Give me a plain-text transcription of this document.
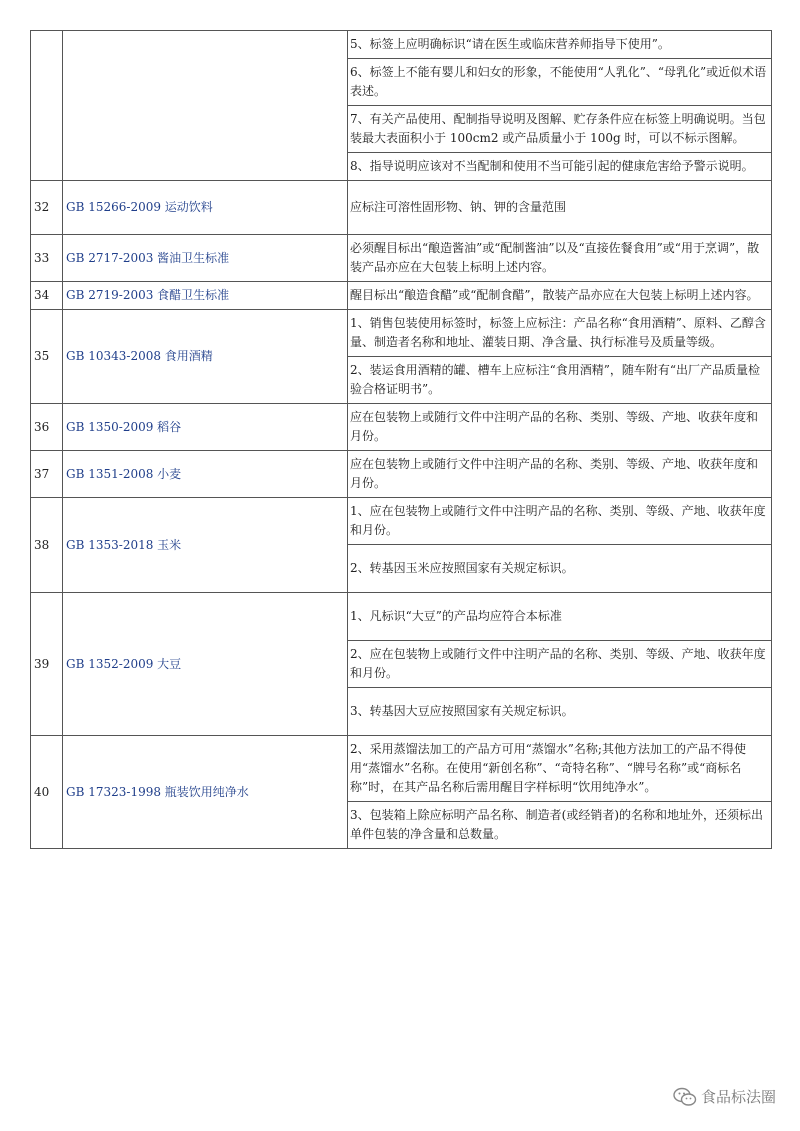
		5、标签上应明确标识“请在医生或临床营养师指导下使用”。
		6、标签上不能有婴儿和妇女的形象，不能使用“人乳化”、“母乳化”或近似术语表述。
		7、有关产品使用、配制指导说明及图解、贮存条件应在标签上明确说明。当包装最大表面积小于 100cm2 或产品质量小于 100g 时，可以不标示图解。
		8、指导说明应该对不当配制和使用不当可能引起的健康危害给予警示说明。
32	GB 15266-2009 运动饮料	应标注可溶性固形物、钠、钾的含量范围
33	GB 2717-2003 酱油卫生标准	必须醒目标出“酿造酱油”或“配制酱油”以及“直接佐餐食用”或“用于烹调”，散装产品亦应在大包装上标明上述内容。
34	GB 2719-2003 食醋卫生标准	醒目标出“酿造食醋”或“配制食醋”，散装产品亦应在大包装上标明上述内容。
35	GB 10343-2008 食用酒精	1、销售包装使用标签时，标签上应标注：产品名称“食用酒精”、原料、乙醇含量、制造者名称和地址、灌装日期、净含量、执行标准号及质量等级。
		2、装运食用酒精的罐、槽车上应标注“食用酒精”，随车附有“出厂产品质量检验合格证明书”。
36	GB 1350-2009 稻谷	应在包装物上或随行文件中注明产品的名称、类别、等级、产地、收获年度和月份。
37	GB 1351-2008 小麦	应在包装物上或随行文件中注明产品的名称、类别、等级、产地、收获年度和月份。
38	GB 1353-2018 玉米	1、应在包装物上或随行文件中注明产品的名称、类别、等级、产地、收获年度和月份。
		2、转基因玉米应按照国家有关规定标识。
39	GB 1352-2009 大豆	1、凡标识“大豆”的产品均应符合本标准
		2、应在包装物上或随行文件中注明产品的名称、类别、等级、产地、收获年度和月份。
		3、转基因大豆应按照国家有关规定标识。
40	GB 17323-1998 瓶装饮用纯净水	2、采用蒸馏法加工的产品方可用“蒸馏水”名称;其他方法加工的产品不得使用“蒸馏水”名称。在使用“新创名称”、“奇特名称”、“牌号名称”或“商标名称”时，在其产品名称后需用醒目字样标明“饮用纯净水”。
		3、包装箱上除应标明产品名称、制造者(或经销者)的名称和地址外，还须标出单件包装的净含量和总数量。
食品标法圈
